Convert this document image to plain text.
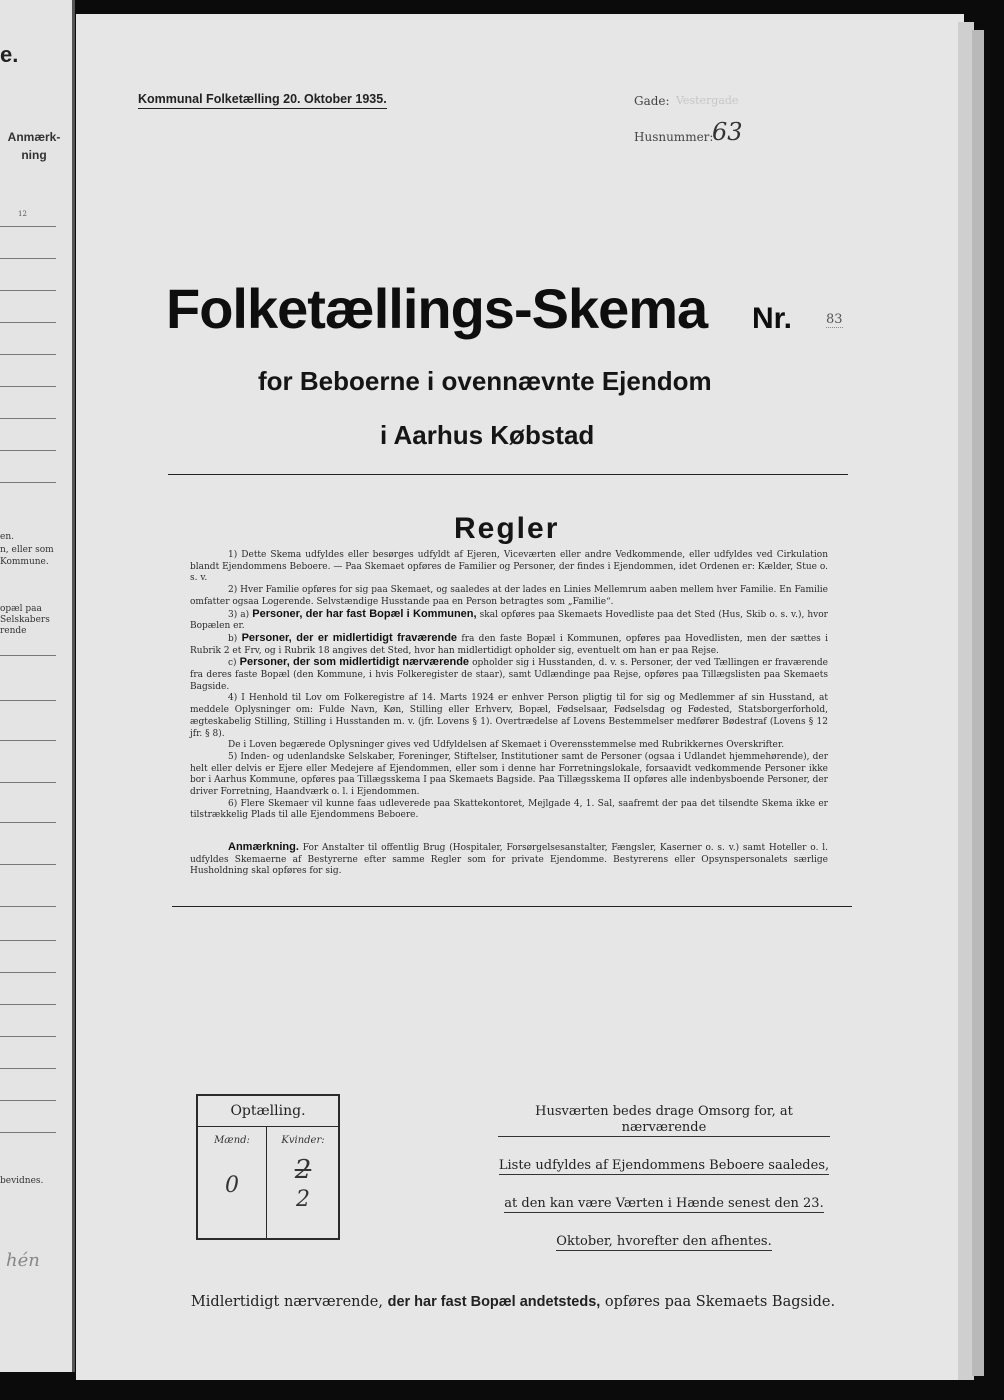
e.
Anmærk-
ning
12
en.
n, eller som
Kommune.
opæl paa
Selskabers
rende
bevidnes.
hén
Kommunal Folketælling 20. Oktober 1935.	Gade: Vestergade
Husnummer:
63
Folketællings-Skema Nr.	83
for Beboerne i ovennævnte Ejendom
i Aarhus Købstad
Regler

1) Dette Skema udfyldes eller besørges udfyldt af Ejeren, Viceværten eller andre Vedkommende, eller udfyldes ved Cirkulation blandt Ejendommens Beboere. — Paa Skemaet opføres de Familier og Personer, der findes i Ejendommen, idet Ordenen er: Kælder, Stue o. s. v.

2) Hver Familie opføres for sig paa Skemaet, og saaledes at der lades en Linies Mellemrum aaben mellem hver Familie. En Familie omfatter ogsaa Logerende. Selvstændige Husstande paa en Person betragtes som „Familie“.

3) a) Personer, der har fast Bopæl i Kommunen, skal opføres paa Skemaets Hovedliste paa det Sted (Hus, Skib o. s. v.), hvor Bopælen er.

b) Personer, der er midlertidigt fraværende fra den faste Bopæl i Kommunen, opføres paa Hovedlisten, men der sættes i Rubrik 2 et Frv, og i Rubrik 18 angives det Sted, hvor han midlertidigt opholder sig, eventuelt om han er paa Rejse.

c) Personer, der som midlertidigt nærværende opholder sig i Husstanden, d. v. s. Personer, der ved Tællingen er fraværende fra deres faste Bopæl (den Kommune, i hvis Folkeregister de staar), samt Udlændinge paa Rejse, opføres paa Tillægslisten paa Skemaets Bagside.

4) I Henhold til Lov om Folkeregistre af 14. Marts 1924 er enhver Person pligtig til for sig og Medlemmer af sin Husstand, at meddele Oplysninger om: Fulde Navn, Køn, Stilling eller Erhverv, Bopæl, Fødselsaar, Fødselsdag og Fødested, Statsborgerforhold, ægteskabelig Stilling, Stilling i Husstanden m. v. (jfr. Lovens § 1). Overtrædelse af Lovens Bestemmelser medfører Bødestraf (Lovens § 12 jfr. § 8).

De i Loven begærede Oplysninger gives ved Udfyldelsen af Skemaet i Overensstemmelse med Rubrikkernes Overskrifter.

5) Inden- og udenlandske Selskaber, Foreninger, Stiftelser, Institutioner samt de Personer (ogsaa i Udlandet hjemmehørende), der helt eller delvis er Ejere eller Medejere af Ejendommen, eller som i denne har Forretningslokale, forsaavidt vedkommende Personer ikke bor i Aarhus Kommune, opføres paa Tillægsskema I paa Skemaets Bagside. Paa Tillægsskema II opføres alle indenbysboende Personer, der driver Forretning, Haandværk o. l. i Ejendommen.

6) Flere Skemaer vil kunne faas udleverede paa Skattekontoret, Mejlgade 4, 1. Sal, saafremt der paa det tilsendte Skema ikke er tilstrækkelig Plads til alle Ejendommens Beboere.

Anmærkning. For Anstalter til offentlig Brug (Hospitaler, Forsørgelsesanstalter, Fængsler, Kaserner o. s. v.) samt Hoteller o. l. udfyldes Skemaerne af Bestyrerne efter samme Regler som for private Ejendomme. Bestyrerens eller Opsynspersonalets særlige Husholdning skal opføres for sig.
Optælling.
Mænd:
0
Kvinder:
2
2
Husværten bedes drage Omsorg for, at nærværende
Liste udfyldes af Ejendommens Beboere saaledes,
at den kan være Værten i Hænde senest den 23.
Oktober, hvorefter den afhentes.
Midlertidigt nærværende, der har fast Bopæl andetsteds, opføres paa Skemaets Bagside.
